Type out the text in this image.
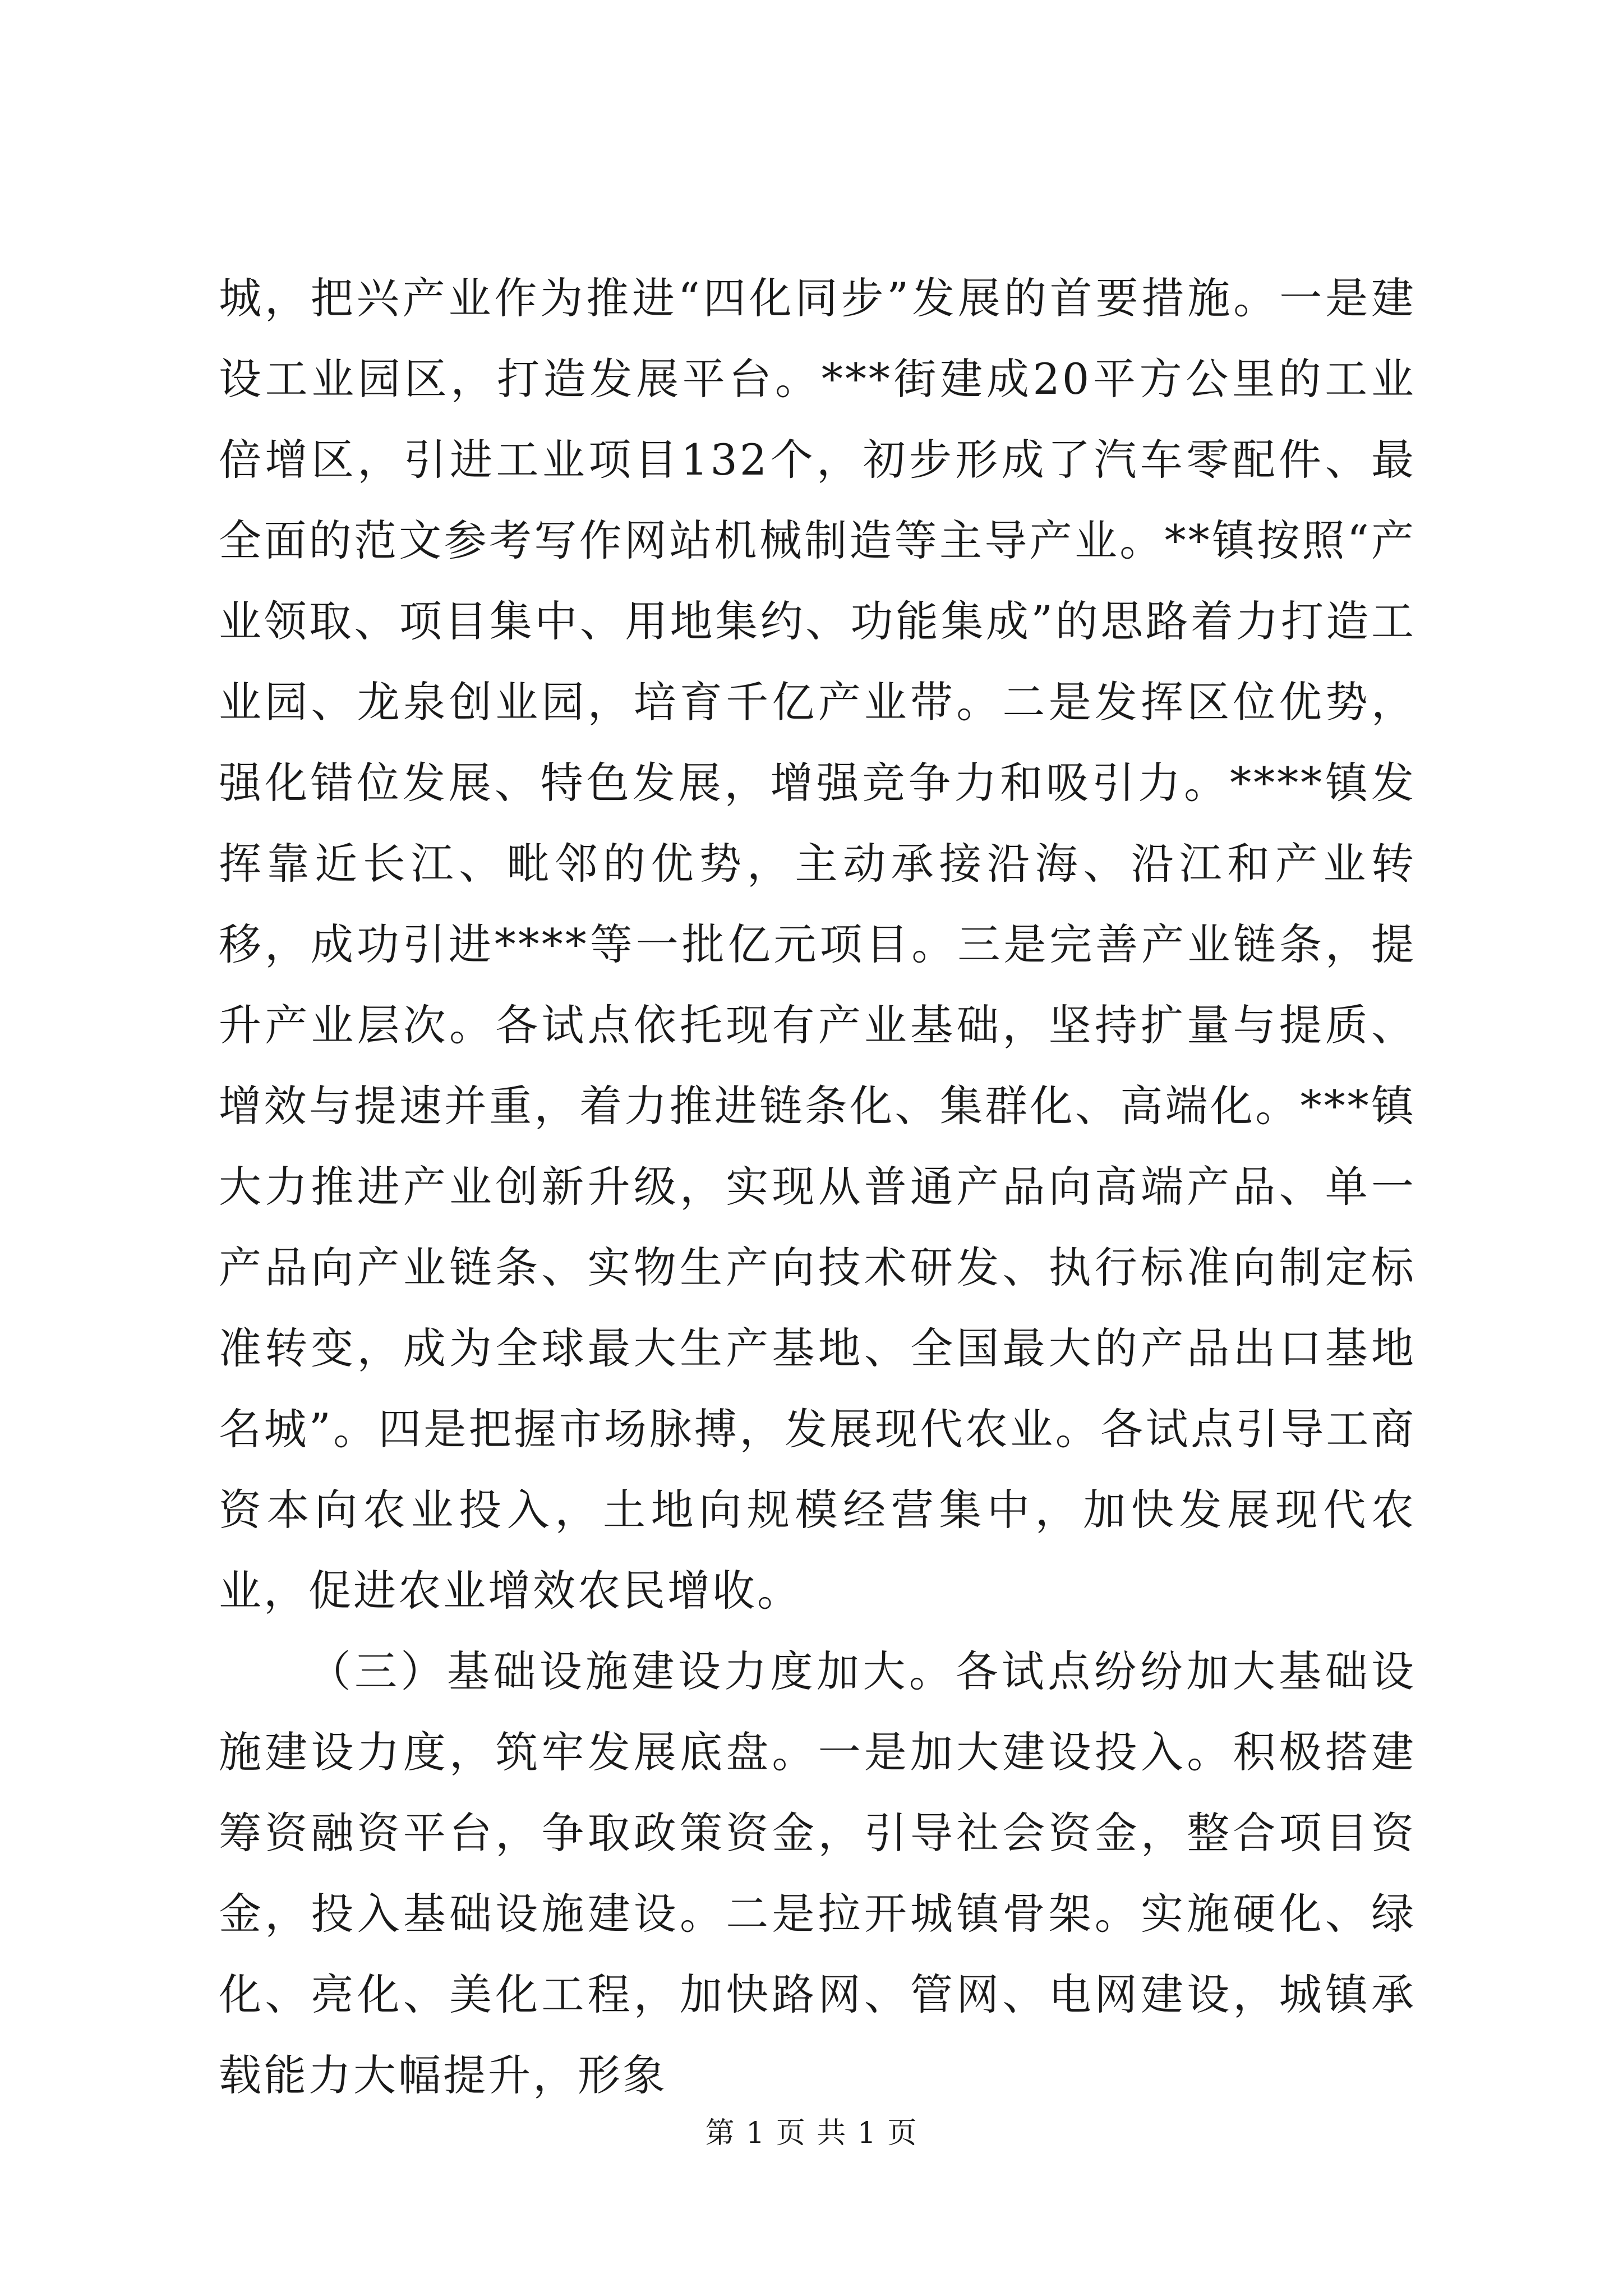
城，把兴产业作为推进“四化同步”发展的首要措施。一是建设工业园区，打造发展平台。***街建成20平方公里的工业倍增区，引进工业项目132个，初步形成了汽车零配件、最全面的范文参考写作网站机械制造等主导产业。**镇按照“产业领取、项目集中、用地集约、功能集成”的思路着力打造工业园、龙泉创业园，培育千亿产业带。二是发挥区位优势，强化错位发展、特色发展，增强竞争力和吸引力。****镇发挥靠近长江、毗邻的优势，主动承接沿海、沿江和产业转移，成功引进****等一批亿元项目。三是完善产业链条，提升产业层次。各试点依托现有产业基础，坚持扩量与提质、增效与提速并重，着力推进链条化、集群化、高端化。***镇大力推进产业创新升级，实现从普通产品向高端产品、单一产品向产业链条、实物生产向技术研发、执行标准向制定标准转变，成为全球最大生产基地、全国最大的产品出口基地名城”。四是把握市场脉搏，发展现代农业。各试点引导工商资本向农业投入，土地向规模经营集中，加快发展现代农业，促进农业增效农民增收。

（三）基础设施建设力度加大。各试点纷纷加大基础设施建设力度，筑牢发展底盘。一是加大建设投入。积极搭建筹资融资平台，争取政策资金，引导社会资金，整合项目资金，投入基础设施建设。二是拉开城镇骨架。实施硬化、绿化、亮化、美化工程，加快路网、管网、电网建设，城镇承载能力大幅提升，形象

第 1 页 共 1 页
